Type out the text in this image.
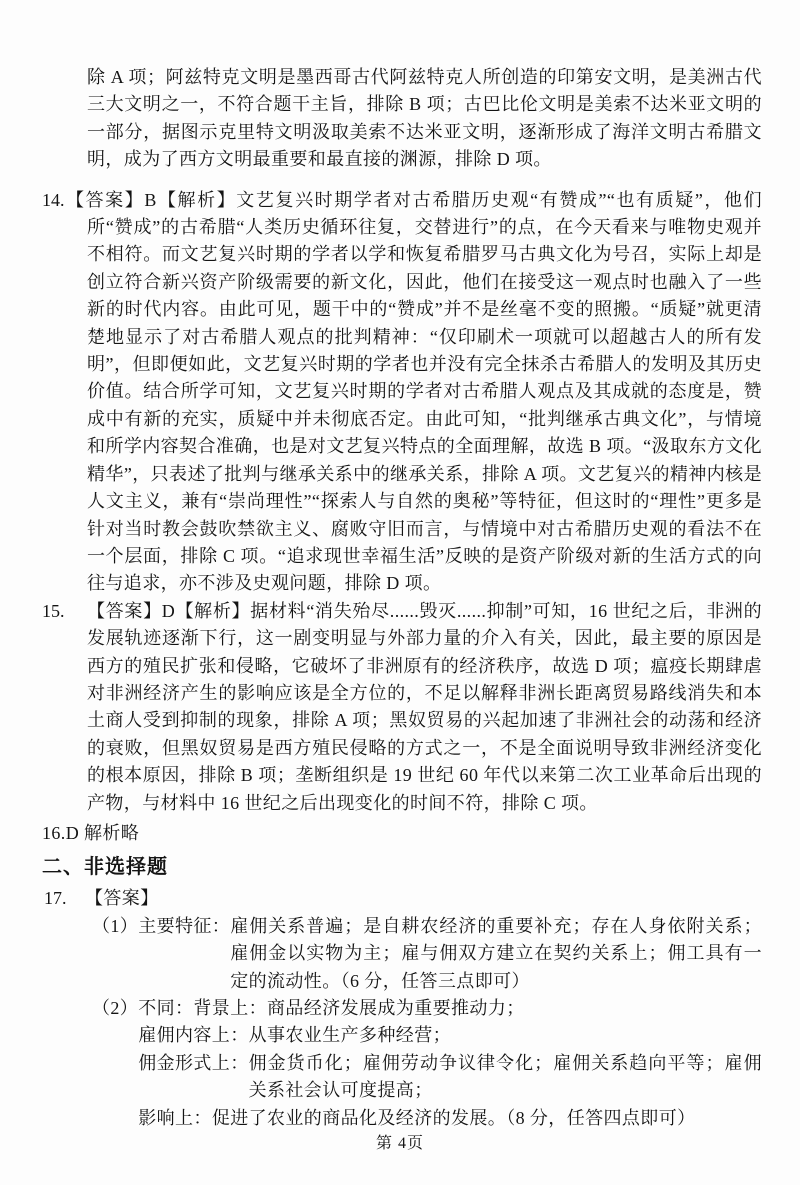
除 A 项；阿兹特克文明是墨西哥古代阿兹特克人所创造的印第安文明，是美洲古代三大文明之一，不符合题干主旨，排除 B 项；古巴比伦文明是美索不达米亚文明的一部分，据图示克里特文明汲取美索不达米亚文明，逐渐形成了海洋文明古希腊文明，成为了西方文明最重要和最直接的渊源，排除 D 项。

14. 【答案】B【解析】文艺复兴时期学者对古希腊历史观“有赞成”“也有质疑”，他们所“赞成”的古希腊“人类历史循环往复，交替进行”的点，在今天看来与唯物史观并不相符。而文艺复兴时期的学者以学和恢复希腊罗马古典文化为号召，实际上却是创立符合新兴资产阶级需要的新文化，因此，他们在接受这一观点时也融入了一些新的时代内容。由此可见，题干中的“赞成”并不是丝毫不变的照搬。“质疑”就更清楚地显示了对古希腊人观点的批判精神：“仅印刷术一项就可以超越古人的所有发明”，但即便如此，文艺复兴时期的学者也并没有完全抹杀古希腊人的发明及其历史价值。结合所学可知，文艺复兴时期的学者对古希腊人观点及其成就的态度是，赞成中有新的充实，质疑中并未彻底否定。由此可知，“批判继承古典文化”，与情境和所学内容契合准确，也是对文艺复兴特点的全面理解，故选 B 项。“汲取东方文化精华”，只表述了批判与继承关系中的继承关系，排除 A 项。文艺复兴的精神内核是人文主义，兼有“崇尚理性”“探索人与自然的奥秘”等特征，但这时的“理性”更多是针对当时教会鼓吹禁欲主义、腐败守旧而言，与情境中对古希腊历史观的看法不在一个层面，排除 C 项。“追求现世幸福生活”反映的是资产阶级对新的生活方式的向往与追求，亦不涉及史观问题，排除 D 项。
15. 【答案】D【解析】据材料“消失殆尽......毁灭......抑制”可知，16 世纪之后，非洲的发展轨迹逐渐下行，这一剧变明显与外部力量的介入有关，因此，最主要的原因是西方的殖民扩张和侵略，它破坏了非洲原有的经济秩序，故选 D 项；瘟疫长期肆虐对非洲经济产生的影响应该是全方位的，不足以解释非洲长距离贸易路线消失和本土商人受到抑制的现象，排除 A 项；黑奴贸易的兴起加速了非洲社会的动荡和经济的衰败，但黑奴贸易是西方殖民侵略的方式之一，不是全面说明导致非洲经济变化的根本原因，排除 B 项；垄断组织是 19 世纪 60 年代以来第二次工业革命后出现的产物，与材料中 16 世纪之后出现变化的时间不符，排除 C 项。

16.D 解析略

二、非选择题
17. 【答案】
（1） 主要特征： 雇佣关系普遍；是自耕农经济的重要补充；存在人身依附关系；雇佣金以实物为主；雇与佣双方建立在契约关系上；佣工具有一定的流动性。（6 分，任答三点即可）
（2） 不同：背景上： 商品经济发展成为重要推动力；
雇佣内容上： 从事农业生产多种经营；
佣金形式上： 佣金货币化；雇佣劳动争议律令化；雇佣关系趋向平等；雇佣关系社会认可度提高；
影响上： 促进了农业的商品化及经济的发展。（8 分，任答四点即可）
第 4页
